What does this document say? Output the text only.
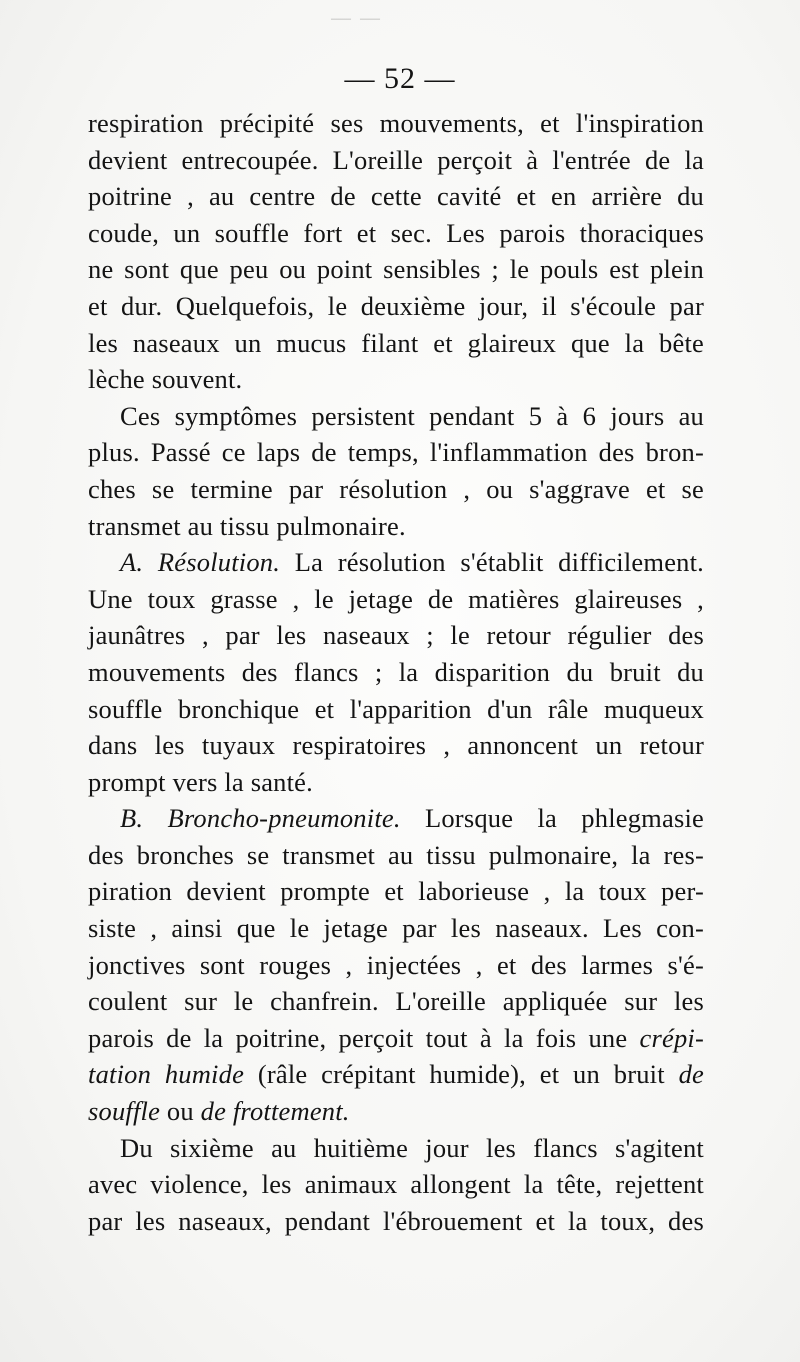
— —
— 52 —
respiration précipité ses mouvements, et l'inspiration
devient entrecoupée. L'oreille perçoit à l'entrée de la
poitrine , au centre de cette cavité et en arrière du
coude, un souffle fort et sec. Les parois thoraciques
ne sont que peu ou point sensibles ; le pouls est plein
et dur. Quelquefois, le deuxième jour, il s'écoule par
les naseaux un mucus filant et glaireux que la bête
lèche souvent.
Ces symptômes persistent pendant 5 à 6 jours au
plus. Passé ce laps de temps, l'inflammation des bron-
ches se termine par résolution , ou s'aggrave et se
transmet au tissu pulmonaire.
A. Résolution. La résolution s'établit difficilement.
Une toux grasse , le jetage de matières glaireuses ,
jaunâtres , par les naseaux ; le retour régulier des
mouvements des flancs ; la disparition du bruit du
souffle bronchique et l'apparition d'un râle muqueux
dans les tuyaux respiratoires , annoncent un retour
prompt vers la santé.
B. Broncho-pneumonite. Lorsque la phlegmasie
des bronches se transmet au tissu pulmonaire, la res-
piration devient prompte et laborieuse , la toux per-
siste , ainsi que le jetage par les naseaux. Les con-
jonctives sont rouges , injectées , et des larmes s'é-
coulent sur le chanfrein. L'oreille appliquée sur les
parois de la poitrine, perçoit tout à la fois une crépi-
tation humide (râle crépitant humide), et un bruit de
souffle ou de frottement.
Du sixième au huitième jour les flancs s'agitent
avec violence, les animaux allongent la tête, rejettent
par les naseaux, pendant l'ébrouement et la toux, des
